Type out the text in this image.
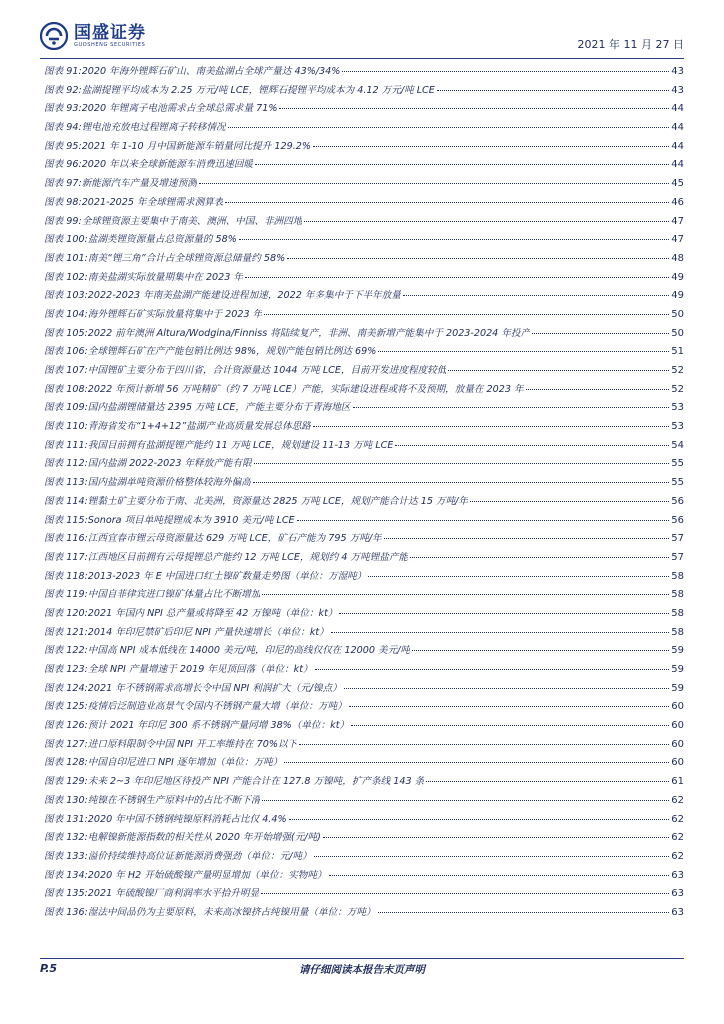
国盛证券
GUOSHENG SECURITIES	2021 年 11 月 27 日
图表 91: 2020 年海外锂辉石矿山、南美盐湖占全球产量达 43%/34%	43
图表 92: 盐湖提锂平均成本为 2.25 万元/吨 LCE，锂辉石提锂平均成本为 4.12 万元/吨 LCE	43
图表 93: 2020 年锂离子电池需求占全球总需求量 71%	44
图表 94: 锂电池充放电过程锂离子转移情况	44
图表 95: 2021 年 1-10 月中国新能源车销量同比提升 129.2%	44
图表 96: 2020 年以来全球新能源车消费迅速回暖	44
图表 97: 新能源汽车产量及增速预测	45
图表 98: 2021-2025 年全球锂需求测算表	46
图表 99: 全球锂资源主要集中于南美、澳洲、中国、非洲四地	47
图表 100: 盐湖类锂资源量占总资源量的 58%	47
图表 101: 南美“锂三角”合计占全球锂资源总储量约 58%	48
图表 102: 南美盐湖实际放量期集中在 2023 年	49
图表 103: 2022-2023 年南美盐湖产能建设进程加速，2022 年多集中于下半年放量	49
图表 104: 海外锂辉石矿实际放量将集中于 2023 年	50
图表 105: 2022 前年澳洲 Altura/Wodgina/Finniss 将陆续复产，非洲、南美新增产能集中于 2023-2024 年投产	50
图表 106: 全球锂辉石矿在产产能包销比例达 98%，规划产能包销比例达 69%	51
图表 107: 中国锂矿主要分布于四川省，合计资源量达 1044 万吨 LCE，目前开发进度程度较低	52
图表 108: 2022 年预计新增 56 万吨精矿（约 7 万吨 LCE）产能，实际建设进程或将不及预期，放量在 2023 年	52
图表 109: 国内盐湖锂储量达 2395 万吨 LCE，产能主要分布于青海地区	53
图表 110: 青海省发布“1+4+12”盐湖产业高质量发展总体思路	53
图表 111: 我国目前拥有盐湖提锂产能约 11 万吨 LCE，规划建设 11-13 万吨 LCE	54
图表 112: 国内盐湖 2022-2023 年释放产能有限	55
图表 113: 国内盐湖单吨资源价格整体较海外偏高	55
图表 114: 锂黏土矿主要分布于南、北美洲，资源量达 2825 万吨 LCE，规划产能合计达 15 万吨/年	56
图表 115: Sonora 项目单吨提锂成本为 3910 美元/吨 LCE	56
图表 116: 江西宜春市锂云母资源量达 629 万吨 LCE，矿石产能为 795 万吨/年	57
图表 117: 江西地区目前拥有云母提锂总产能约 12 万吨 LCE，规划约 4 万吨锂盐产能	57
图表 118: 2013-2023 年 E 中国进口红土镍矿数量走势图（单位：万湿吨）	58
图表 119: 中国自菲律宾进口镍矿体量占比不断增加	58
图表 120: 2021 年国内 NPI 总产量或将降至 42 万镍吨（单位：kt）	58
图表 121: 2014 年印尼禁矿后印尼 NPI 产量快速增长（单位：kt）	58
图表 122: 中国高 NPI 成本低线在 14000 美元/吨，印尼的高线仅仅在 12000 美元/吨	59
图表 123: 全球 NPI 产量增速于 2019 年见顶回落（单位：kt）	59
图表 124: 2021 年不锈钢需求高增长令中国 NPI 利润扩大（元/镍点）	59
图表 125: 疫情后泛制造业高景气令国内不锈钢产量大增（单位：万吨）	60
图表 126: 预计 2021 年印尼 300 系不锈钢产量同增 38%（单位：kt）	60
图表 127: 进口原料限制令中国 NPI 开工率维持在 70%以下	60
图表 128: 中国自印尼进口 NPI 逐年增加（单位：万吨）	60
图表 129: 未来 2~3 年印尼地区待投产 NPI 产能合计在 127.8 万镍吨，扩产条线 143 条	61
图表 130: 纯镍在不锈钢生产原料中的占比不断下滑	62
图表 131: 2020 年中国不锈钢纯镍原料消耗占比仅 4.4%	62
图表 132: 电解镍新能源指数的相关性从 2020 年开始增强(元/吨)	62
图表 133: 溢价持续维持高位证新能源消费强劲（单位：元/吨）	62
图表 134: 2020 年 H2 开始硫酸镍产量明显增加（单位：实物吨）	63
图表 135: 2021 年硫酸镍厂商利润率水平拾升明显	63
图表 136: 湿法中间品仍为主要原料，未来高冰镍挤占纯镍用量（单位：万吨）	63
P.5	请仔细阅读本报告末页声明
